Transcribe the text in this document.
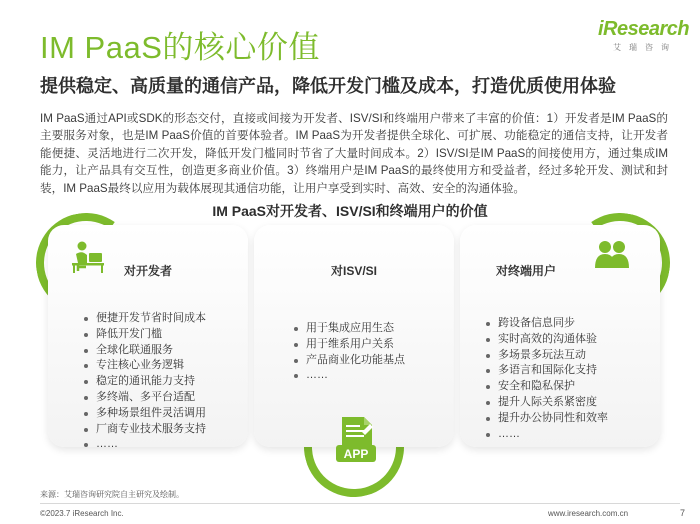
IM PaaS的核心价值
提供稳定、高质量的通信产品，降低开发门槛及成本，打造优质使用体验
iResearch
艾瑞咨询

IM PaaS通过API或SDK的形态交付，直接或间接为开发者、ISV/SI和终端用户带来了丰富的价值：1）开发者是IM PaaS的主要服务对象，也是IM PaaS价值的首要体验者。IM PaaS为开发者提供全球化、可扩展、功能稳定的通信支持，让开发者能便捷、灵活地进行二次开发，降低开发门槛同时节省了大量时间成本。2）ISV/SI是IM PaaS的间接使用方，通过集成IM能力，让产品具有交互性，创造更多商业价值。3）终端用户是IM PaaS的最终使用方和受益者，经过多轮开发、测试和封装，IM PaaS最终以应用为载体展现其通信功能，让用户享受到实时、高效、安全的沟通体验。

IM PaaS对开发者、ISV/SI和终端用户的价值
对开发者
便捷开发节省时间成本
降低开发门槛
全球化联通服务
专注核心业务逻辑
稳定的通讯能力支持
多终端、多平台适配
多种场景组件灵活调用
厂商专业技术服务支持
……
对ISV/SI
用于集成应用生态
用于维系用户关系
产品商业化功能基点
……
APP
对终端用户
跨设备信息同步
实时高效的沟通体验
多场景多玩法互动
多语言和国际化支持
安全和隐私保护
提升人际关系紧密度
提升办公协同性和效率
……
来源：艾瑞咨询研究院自主研究及绘制。
©2023.7 iResearch Inc.	www.iresearch.com.cn	7
